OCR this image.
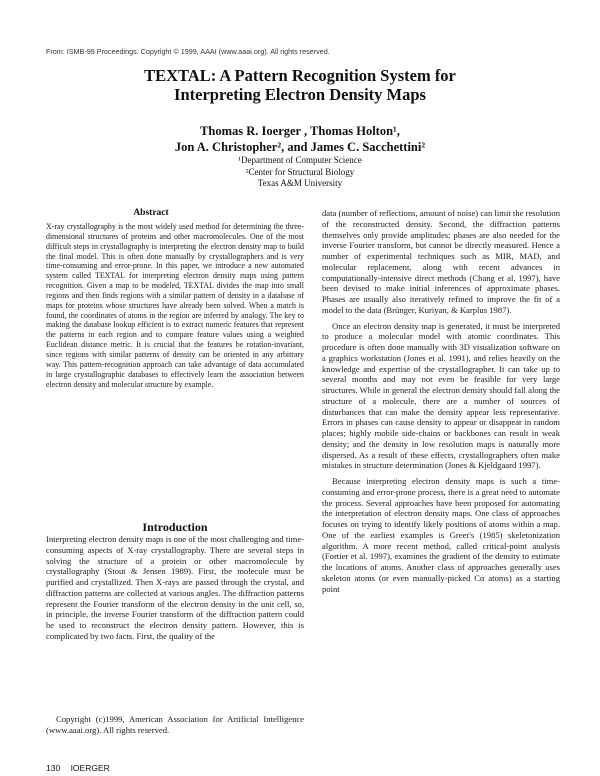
From: ISMB-99 Proceedings. Copyright © 1999, AAAI (www.aaai.org). All rights reserved.
TEXTAL: A Pattern Recognition System for
Interpreting Electron Density Maps
Thomas R. Ioerger , Thomas Holton¹,
Jon A. Christopher², and James C. Sacchettini²
¹Department of Computer Science
²Center for Structural Biology
Texas A&M University
Abstract

X-ray crystallography is the most widely used method for determining the three-dimensional structures of proteins and other macromolecules. One of the most difficult steps in crystallography is interpreting the electron density map to build the final model. This is often done manually by crystallographers and is very time-consuming and error-prone. In this paper, we introduce a new automated system called TEXTAL for interpreting electron density maps using pattern recognition. Given a map to be modeled, TEXTAL divides the map into small regions and then finds regions with a similar pattern of density in a database of maps for proteins whose structures have already been solved. When a match is found, the coordinates of atoms in the region are inferred by analogy. The key to making the database lookup efficient is to extract numeric features that represent the patterns in each region and to compare feature values using a weighted Euclidean distance metric. It is crucial that the features be rotation-invariant, since regions with similar patterns of density can be oriented in any arbitrary way. This pattern-recognition approach can take advantage of data accumulated in large crystallographic databases to effectively learn the association between electron density and molecular structure by example.

Introduction

Interpreting electron density maps is one of the most challenging and time-consuming aspects of X-ray crystallography. There are several steps in solving the structure of a protein or other macromolecule by crystallography (Stout & Jensen 1989). First, the molecule must be purified and crystallized. Then X-rays are passed through the crystal, and diffraction patterns are collected at various angles. The diffraction patterns represent the Fourier transform of the electron density in the unit cell, so, in principle, the inverse Fourier transform of the diffraction pattern could be used to reconstruct the electron density pattern. However, this is complicated by two facts. First, the quality of the

Copyright (c)1999, American Association for Artificial Intelligence (www.aaai.org). All rights reserved.

data (number of reflections, amount of noise) can limit the resolution of the reconstructed density. Second, the diffraction patterns themselves only provide amplitudes; phases are also needed for the inverse Fourier transform, but cannot be directly measured. Hence a number of experimental techniques such as MIR, MAD, and molecular replacement, along with recent advances in computationally-intensive direct methods (Chang et al. 1997), have been devised to make initial inferences of approximate phases. Phases are usually also iteratively refined to improve the fit of a model to the data (Brünger, Kuriyan, & Karplus 1987).

Once an electron density map is generated, it must be interpreted to produce a molecular model with atomic coordinates. This procedure is often done manually with 3D visualization software on a graphics workstation (Jones et al. 1991), and relies heavily on the knowledge and expertise of the crystallographer. It can take up to several months and may not even be feasible for very large structures. While in general the electron density should fall along the structure of a molecule, there are a number of sources of disturbances that can make the density appear less representative. Errors in phases can cause density to appear or disappear in random places; highly mobile side-chains or backbones can result in weak density; and the density in low resolution maps is naturally more dispersed. As a result of these effects, crystallographers often make mistakes in structure determination (Jones & Kjeldgaard 1997).

Because interpreting electron density maps is such a time-consuming and error-prone process, there is a great need to automate the process. Several approaches have been proposed for automating the interpretation of electron density maps. One class of approaches focuses on trying to identify likely positions of atoms within a map. One of the earliest examples is Greer's (1985) skeletonization algorithm. A more recent method, called critical-point analysis (Fortier et al. 1997), examines the gradient of the density to estimate the locations of atoms. Another class of approaches generally uses skeleton atoms (or even manually-picked Cα atoms) as a starting point

130 IOERGER
